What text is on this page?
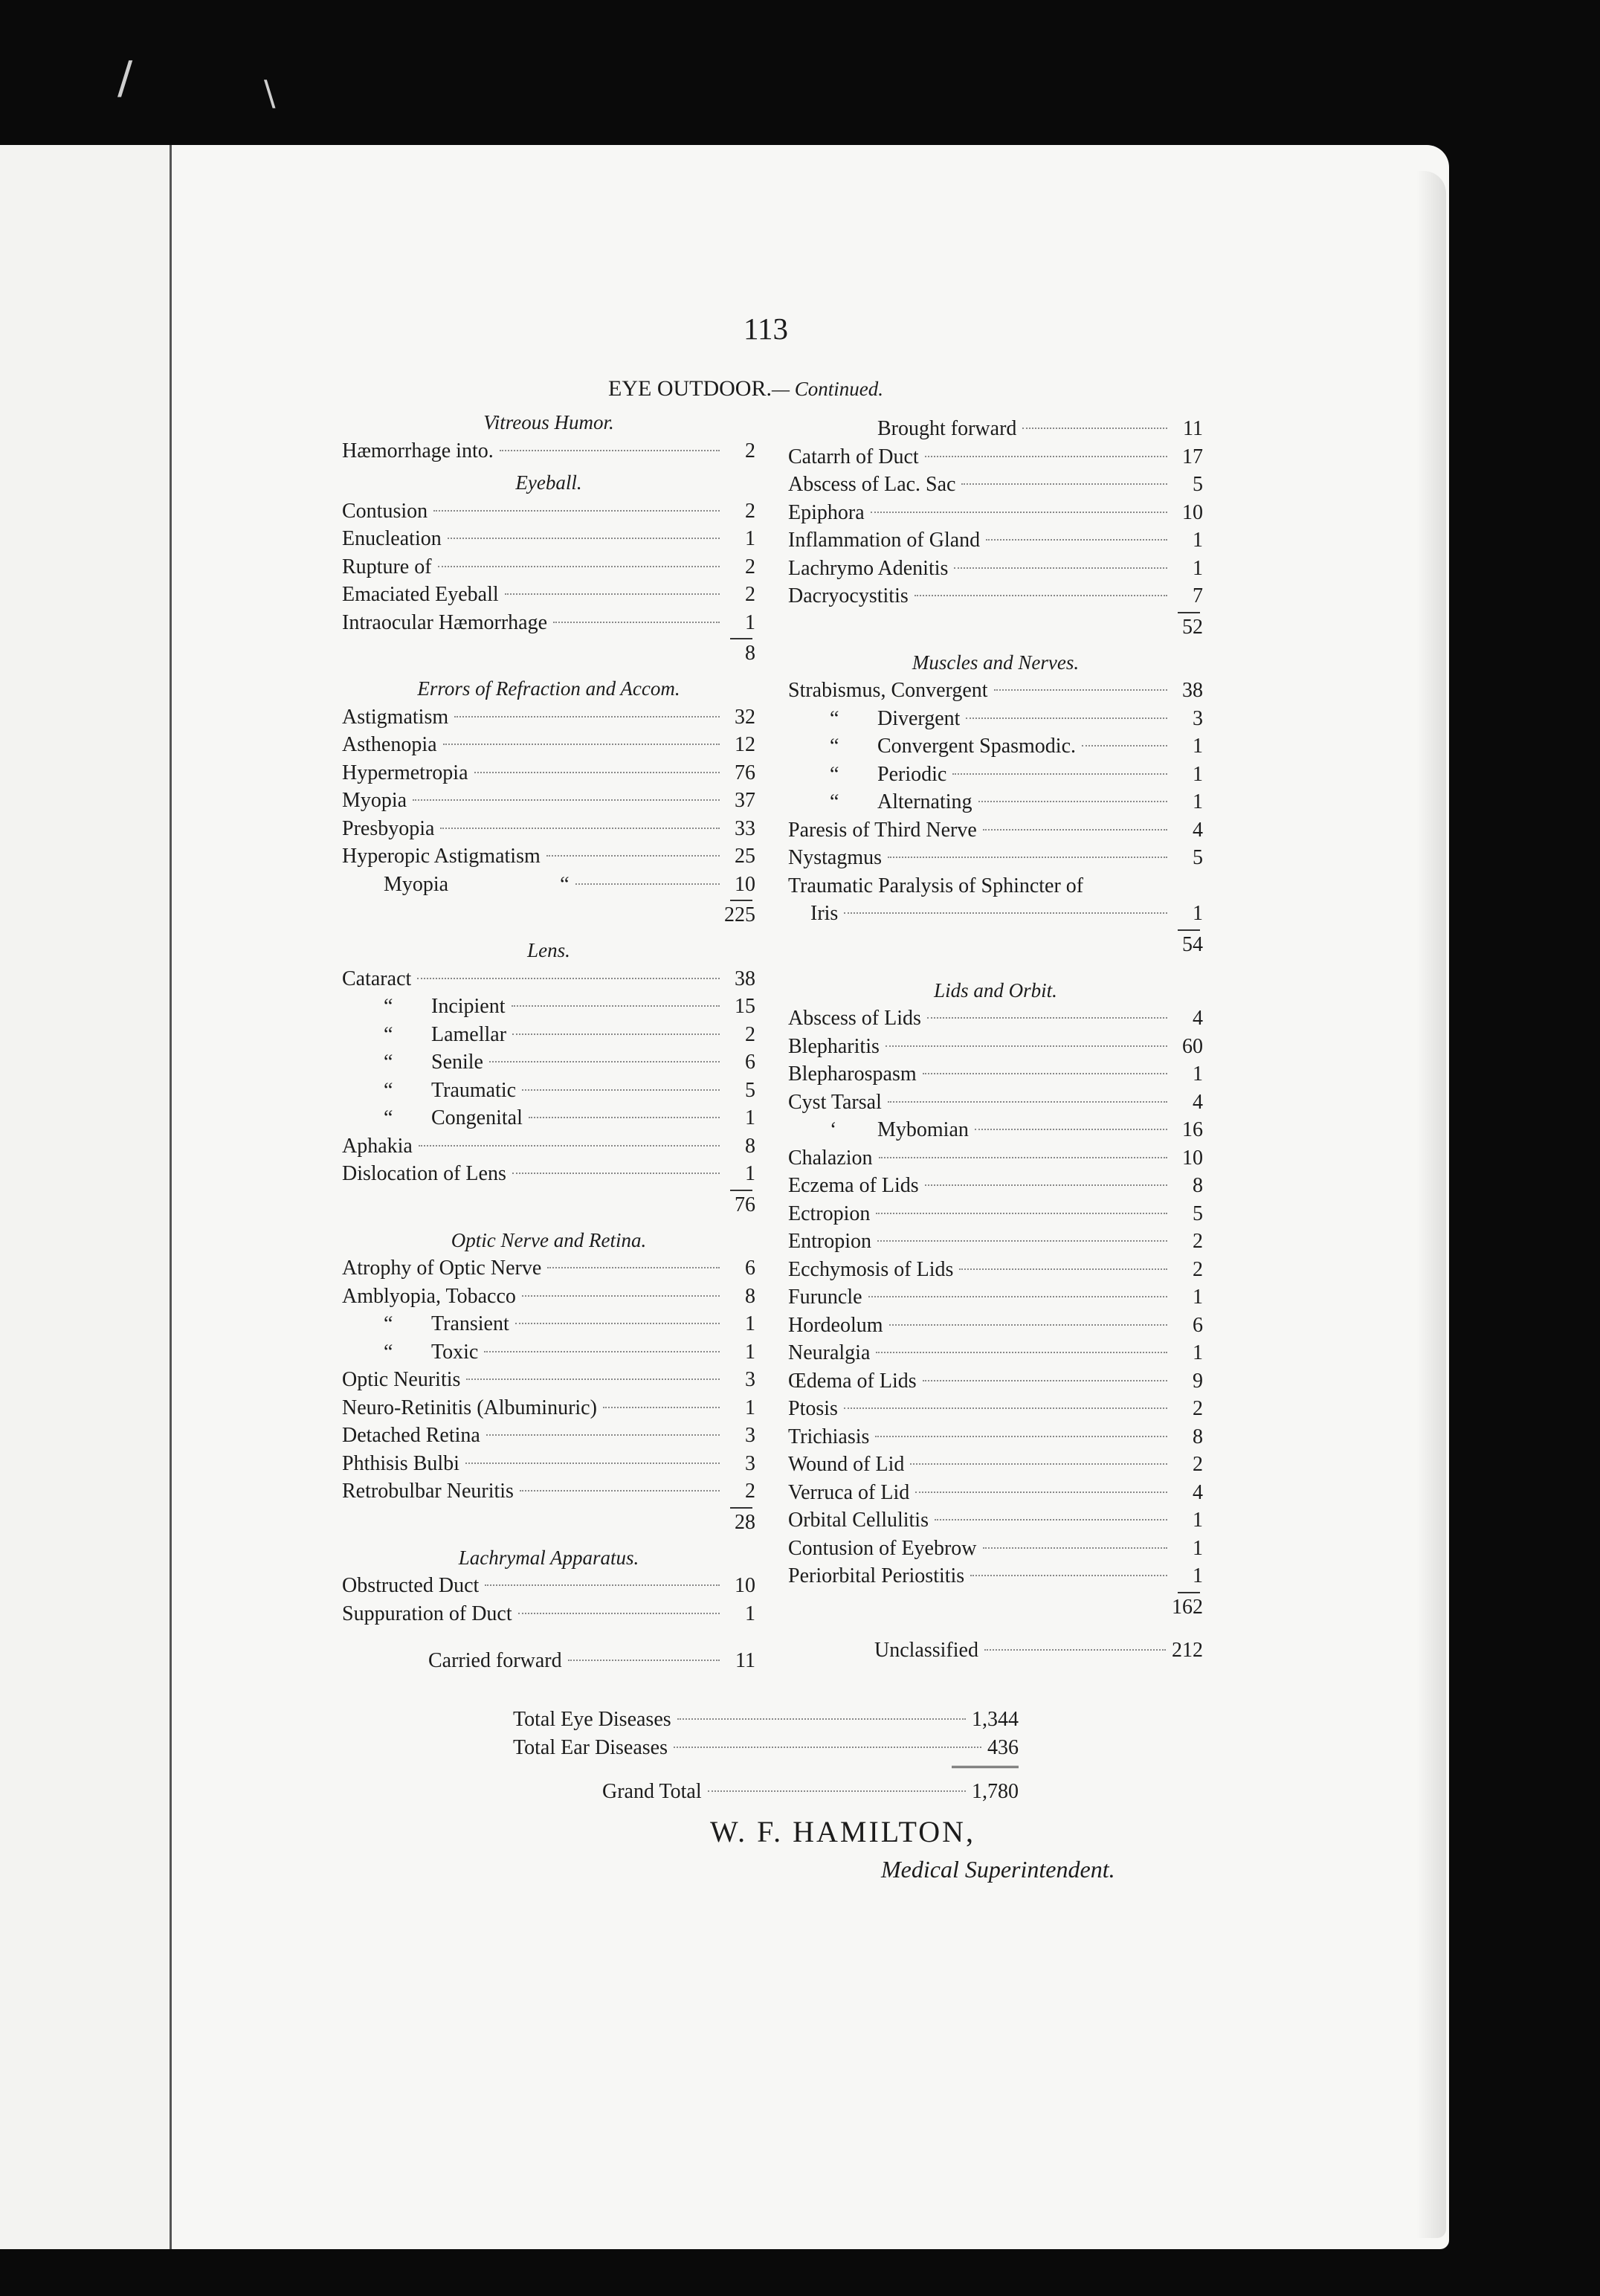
/	\
113
EYE OUTDOOR.— Continued.
Vitreous Humor.
Hæmorrhage into.	2
Eyeball.
Contusion	2
Enucleation	1
Rupture of	2
Emaciated Eyeball	2
Intraocular Hæmorrhage	1
8
Errors of Refraction and Accom.
Astigmatism	32
Asthenopia	12
Hypermetropia	76
Myopia	37
Presbyopia	33
Hyperopic Astigmatism	25
Myopia	“	10
225
Lens.
Cataract	38
“ Incipient	15
“ Lamellar	2
“ Senile	6
“ Traumatic	5
“ Congenital	1
Aphakia	8
Dislocation of Lens	1
76
Optic Nerve and Retina.
Atrophy of Optic Nerve	6
Amblyopia, Tobacco	8
“ Transient	1
“ Toxic	1
Optic Neuritis	3
Neuro-Retinitis (Albuminuric)	1
Detached Retina	3
Phthisis Bulbi	3
Retrobulbar Neuritis	2
28
Lachrymal Apparatus.
Obstructed Duct	10
Suppuration of Duct	1
Carried forward	11
Brought forward	11
Catarrh of Duct	17
Abscess of Lac. Sac	5
Epiphora	10
Inflammation of Gland	1
Lachrymo Adenitis	1
Dacryocystitis	7
52
Muscles and Nerves.
Strabismus, Convergent	38
“ Divergent	3
“ Convergent Spasmodic.	1
“ Periodic	1
“ Alternating	1
Paresis of Third Nerve	4
Nystagmus	5
Traumatic Paralysis of Sphincter of
Iris	1
54
Lids and Orbit.
Abscess of Lids	4
Blepharitis	60
Blepharospasm	1
Cyst Tarsal	4
‘ Mybomian	16
Chalazion	10
Eczema of Lids	8
Ectropion	5
Entropion	2
Ecchymosis of Lids	2
Furuncle	1
Hordeolum	6
Neuralgia	1
Œdema of Lids	9
Ptosis	2
Trichiasis	8
Wound of Lid	2
Verruca of Lid	4
Orbital Cellulitis	1
Contusion of Eyebrow	1
Periorbital Periostitis	1
162
Unclassified	212
Total Eye Diseases	1,344
Total Ear Diseases	436
Grand Total	1,780
W. F. HAMILTON,
Medical Superintendent.
